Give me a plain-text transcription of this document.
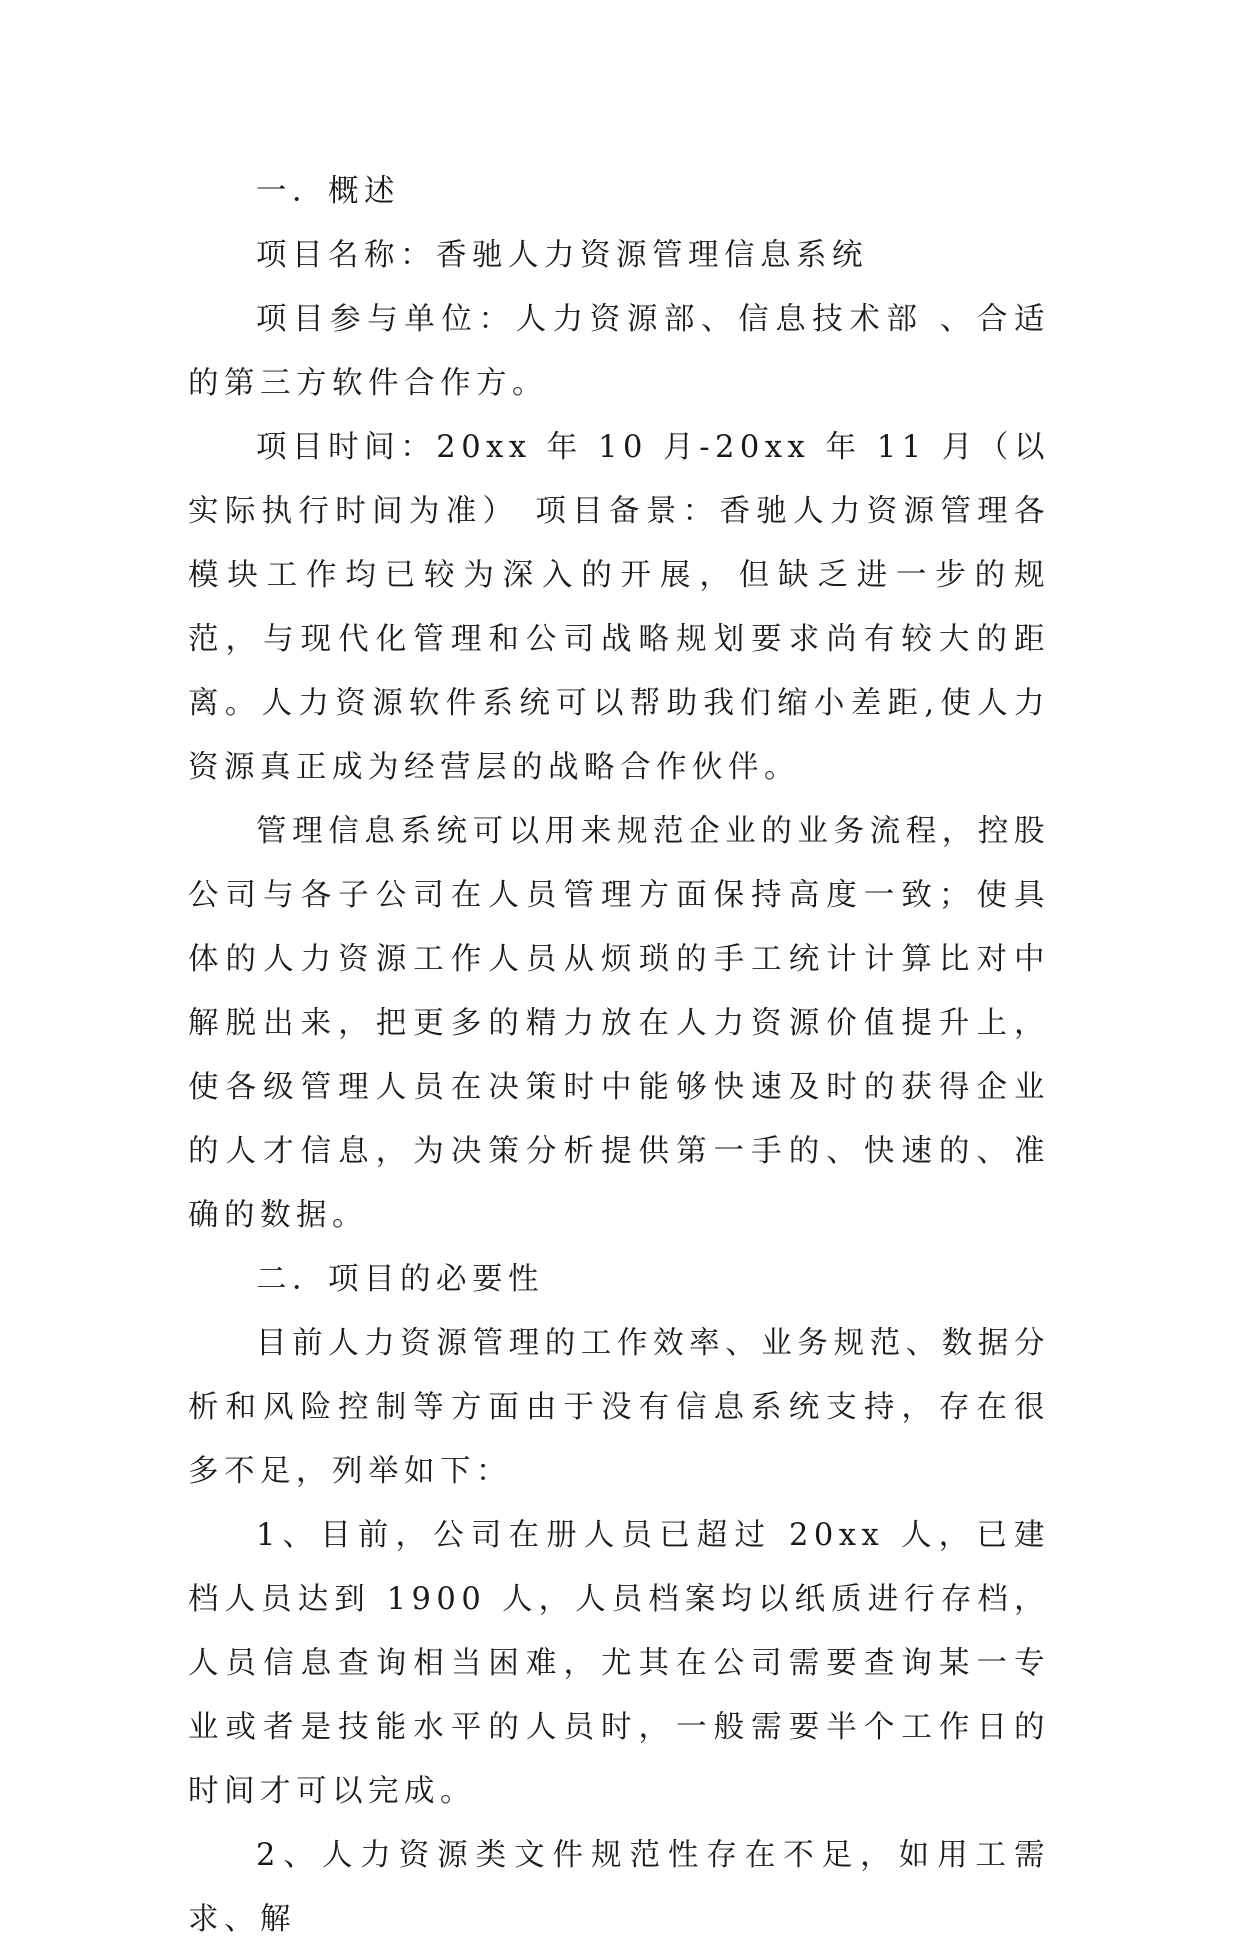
一．概述

项目名称：香驰人力资源管理信息系统

项目参与单位：人力资源部、信息技术部 、合适的第三方软件合作方。

项目时间：20xx 年 10 月-20xx 年 11 月（以实际执行时间为准） 项目备景：香驰人力资源管理各模块工作均已较为深入的开展，但缺乏进一步的规范，与现代化管理和公司战略规划要求尚有较大的距离。人力资源软件系统可以帮助我们缩小差距,使人力资源真正成为经营层的战略合作伙伴。

管理信息系统可以用来规范企业的业务流程，控股公司与各子公司在人员管理方面保持高度一致；使具体的人力资源工作人员从烦琐的手工统计计算比对中解脱出来，把更多的精力放在人力资源价值提升上，使各级管理人员在决策时中能够快速及时的获得企业的人才信息，为决策分析提供第一手的、快速的、准确的数据。

二．项目的必要性

目前人力资源管理的工作效率、业务规范、数据分析和风险控制等方面由于没有信息系统支持，存在很多不足，列举如下：

1、目前，公司在册人员已超过 20xx 人，已建档人员达到 1900 人，人员档案均以纸质进行存档，人员信息查询相当困难，尤其在公司需要查询某一专业或者是技能水平的人员时，一般需要半个工作日的时间才可以完成。

2、人力资源类文件规范性存在不足，如用工需求、解
